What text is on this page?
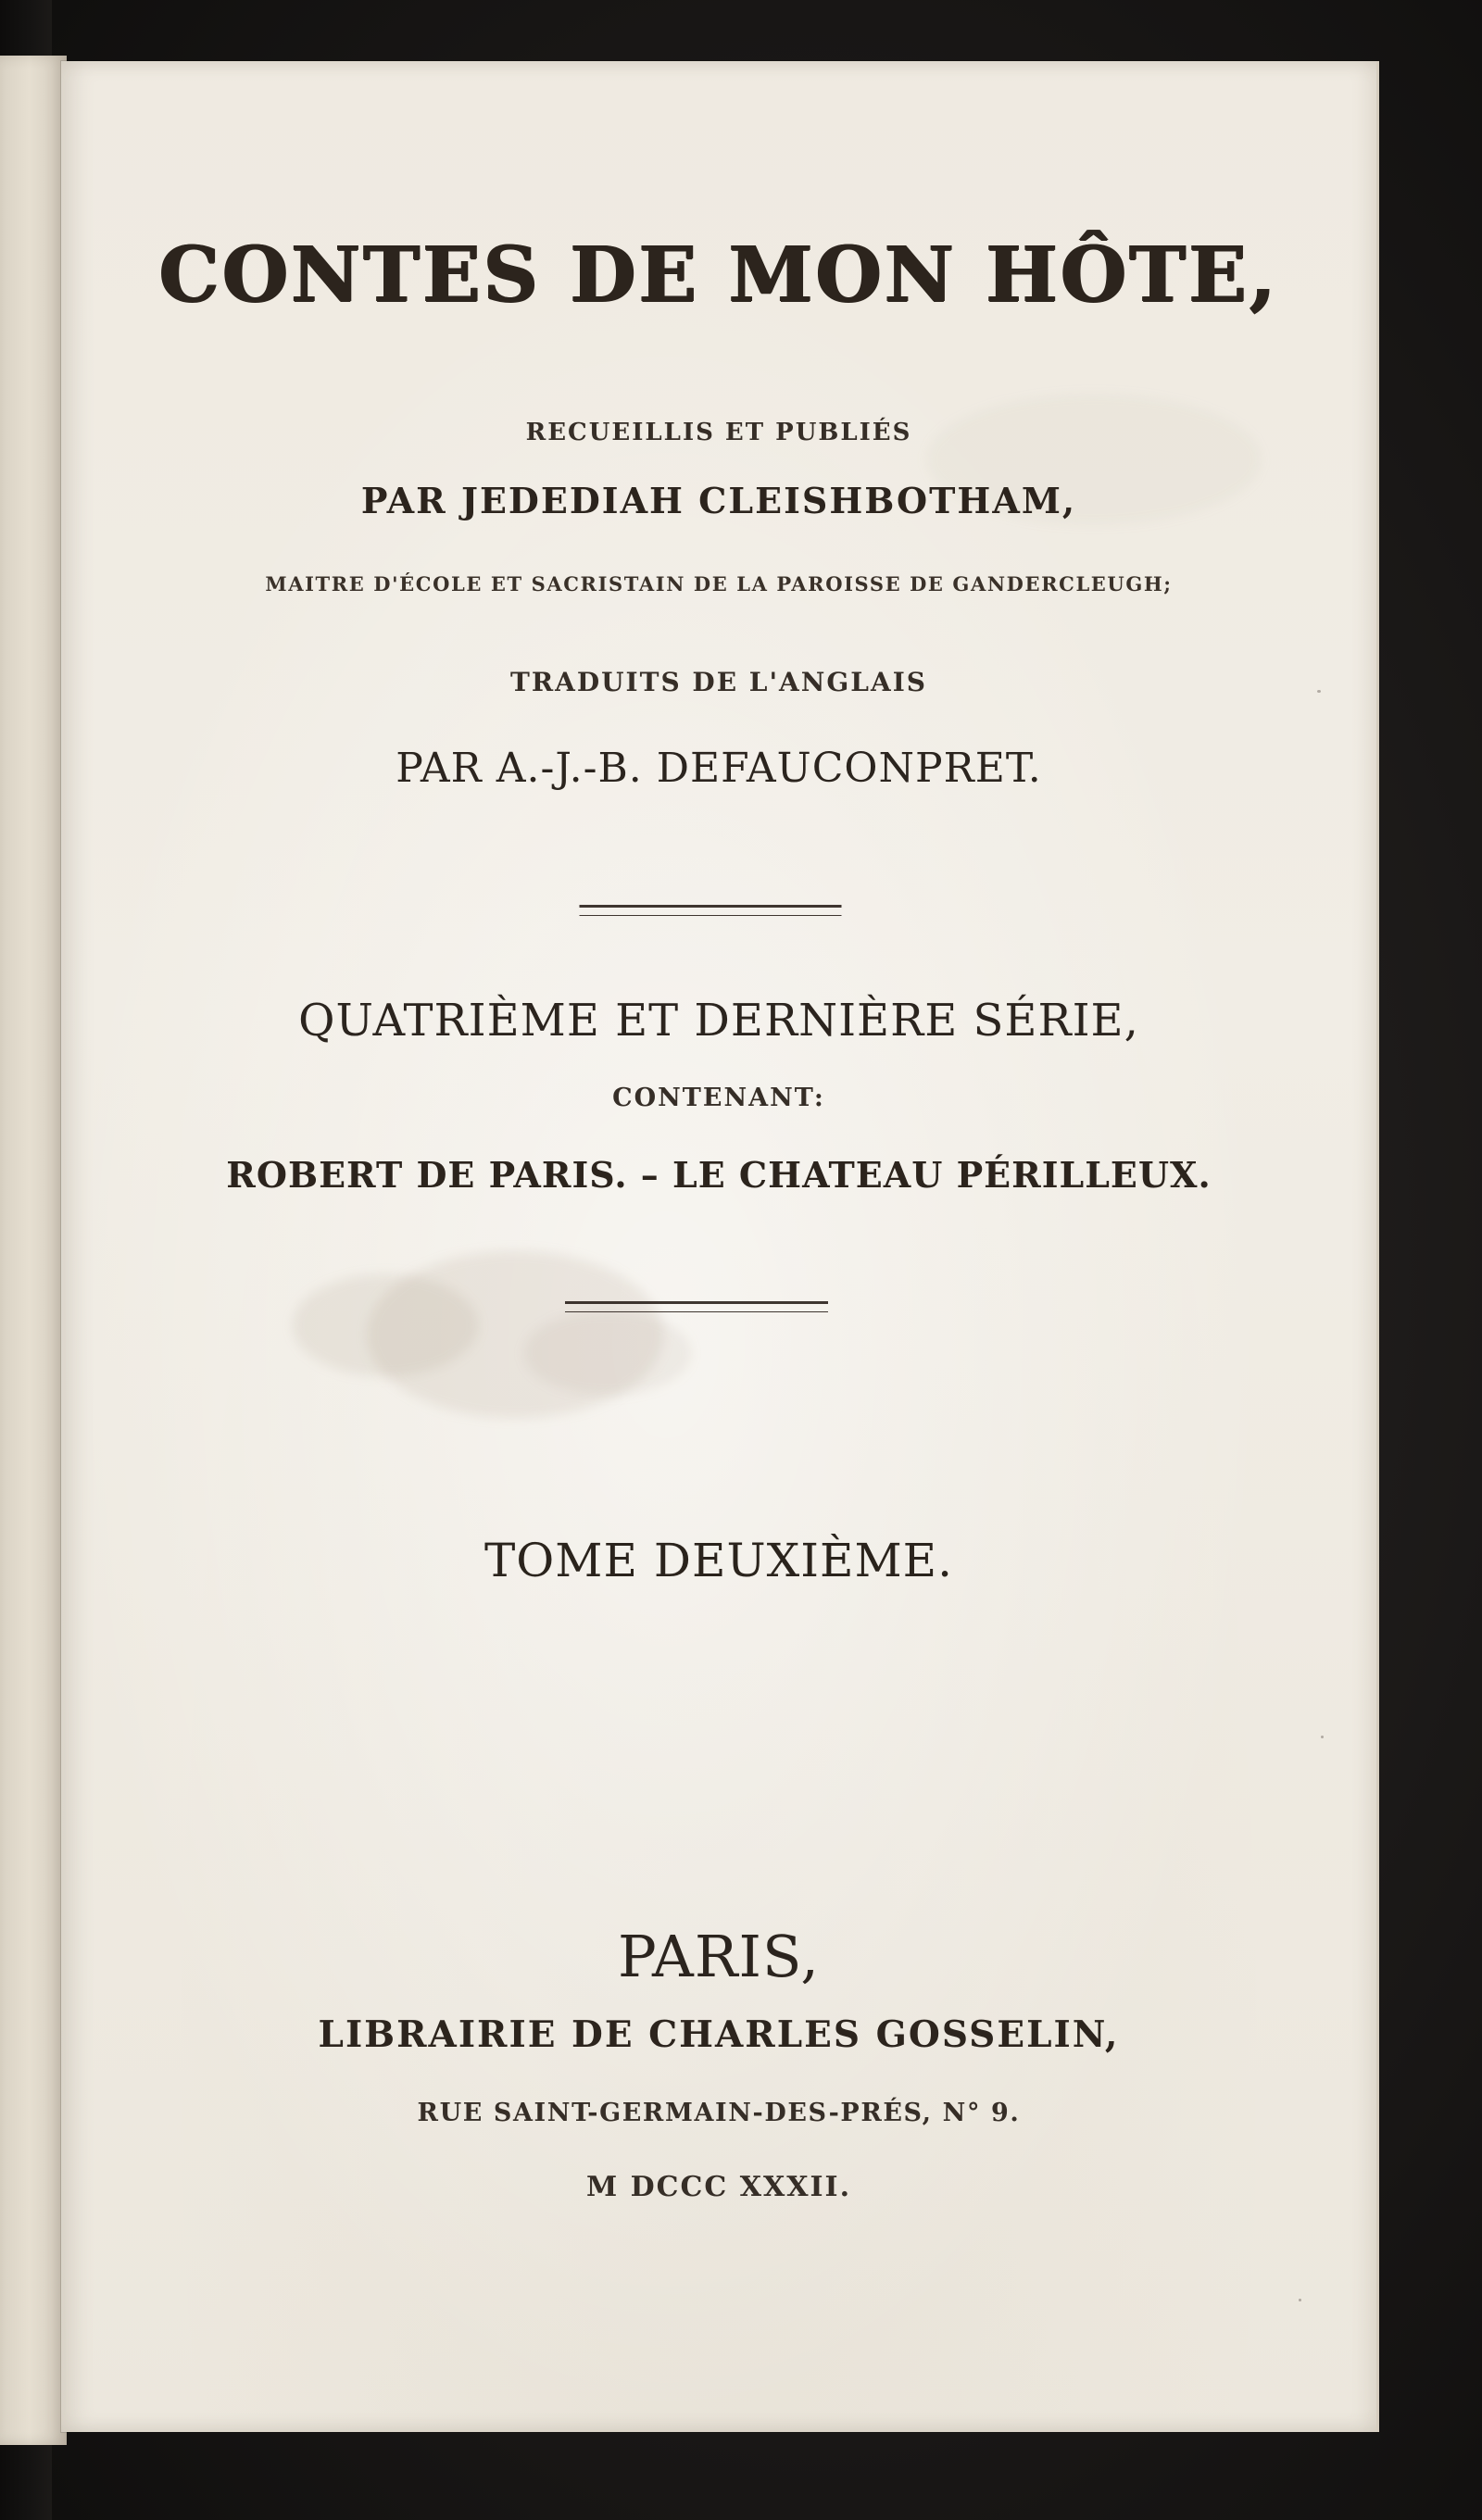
CONTES DE MON HÔTE,
RECUEILLIS ET PUBLIÉS
PAR JEDEDIAH CLEISHBOTHAM,
MAITRE D'ÉCOLE ET SACRISTAIN DE LA PAROISSE DE GANDERCLEUGH;
TRADUITS DE L'ANGLAIS
PAR A.-J.-B. DEFAUCONPRET.
QUATRIÈME ET DERNIÈRE SÉRIE,
CONTENANT:
ROBERT DE PARIS. – LE CHATEAU PÉRILLEUX.
TOME DEUXIÈME.
PARIS,
LIBRAIRIE DE CHARLES GOSSELIN,
RUE SAINT-GERMAIN-DES-PRÉS, N° 9.
M DCCC XXXII.
